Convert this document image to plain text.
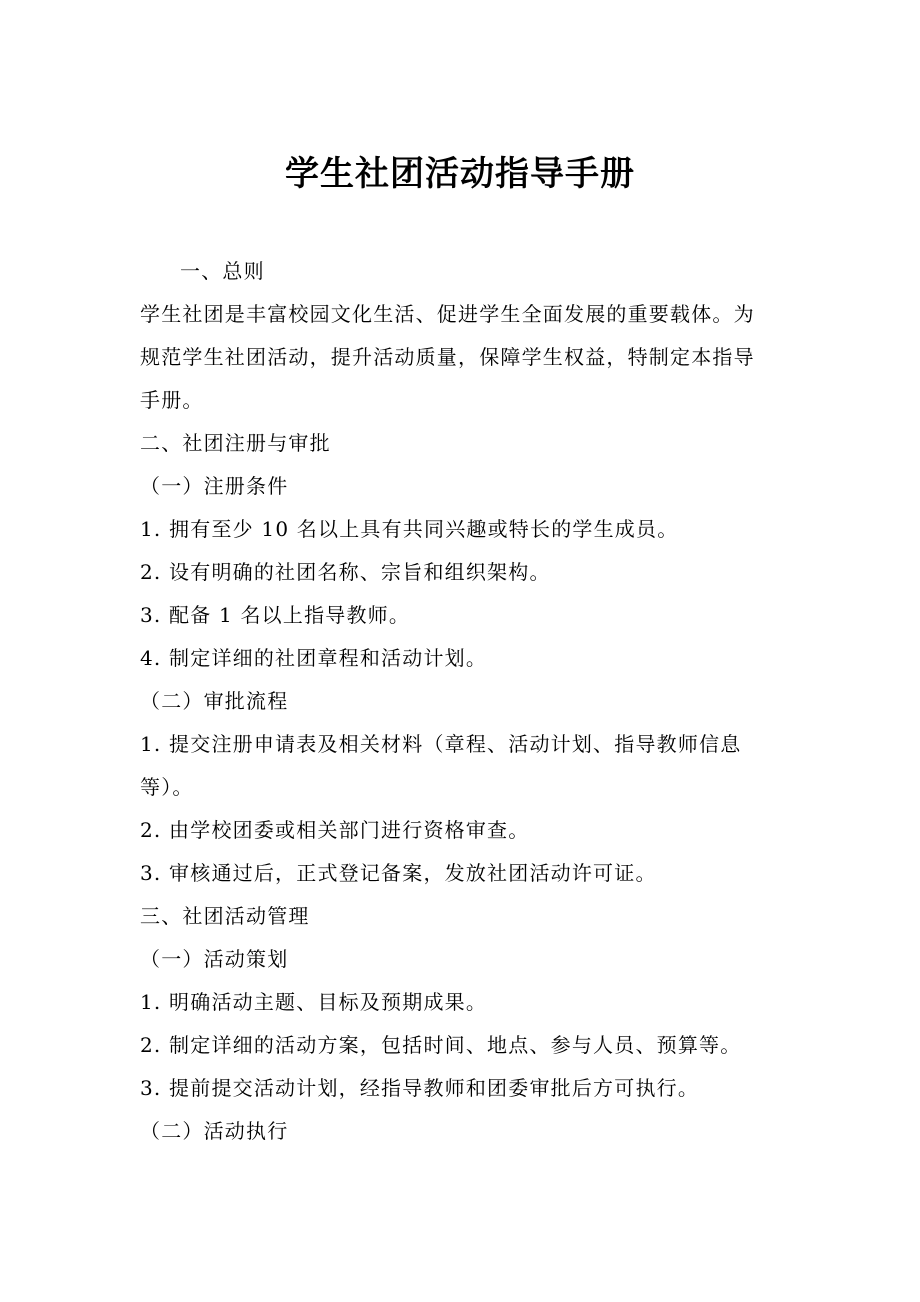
学生社团活动指导手册
一、总则
学生社团是丰富校园文化生活、促进学生全面发展的重要载体。为
规范学生社团活动，提升活动质量，保障学生权益，特制定本指导
手册。
二、社团注册与审批
（一）注册条件
1. 拥有至少 10 名以上具有共同兴趣或特长的学生成员。
2. 设有明确的社团名称、宗旨和组织架构。
3. 配备 1 名以上指导教师。
4. 制定详细的社团章程和活动计划。
（二）审批流程
1. 提交注册申请表及相关材料（章程、活动计划、指导教师信息
等）。
2. 由学校团委或相关部门进行资格审查。
3. 审核通过后，正式登记备案，发放社团活动许可证。
三、社团活动管理
（一）活动策划
1. 明确活动主题、目标及预期成果。
2. 制定详细的活动方案，包括时间、地点、参与人员、预算等。
3. 提前提交活动计划，经指导教师和团委审批后方可执行。
（二）活动执行
